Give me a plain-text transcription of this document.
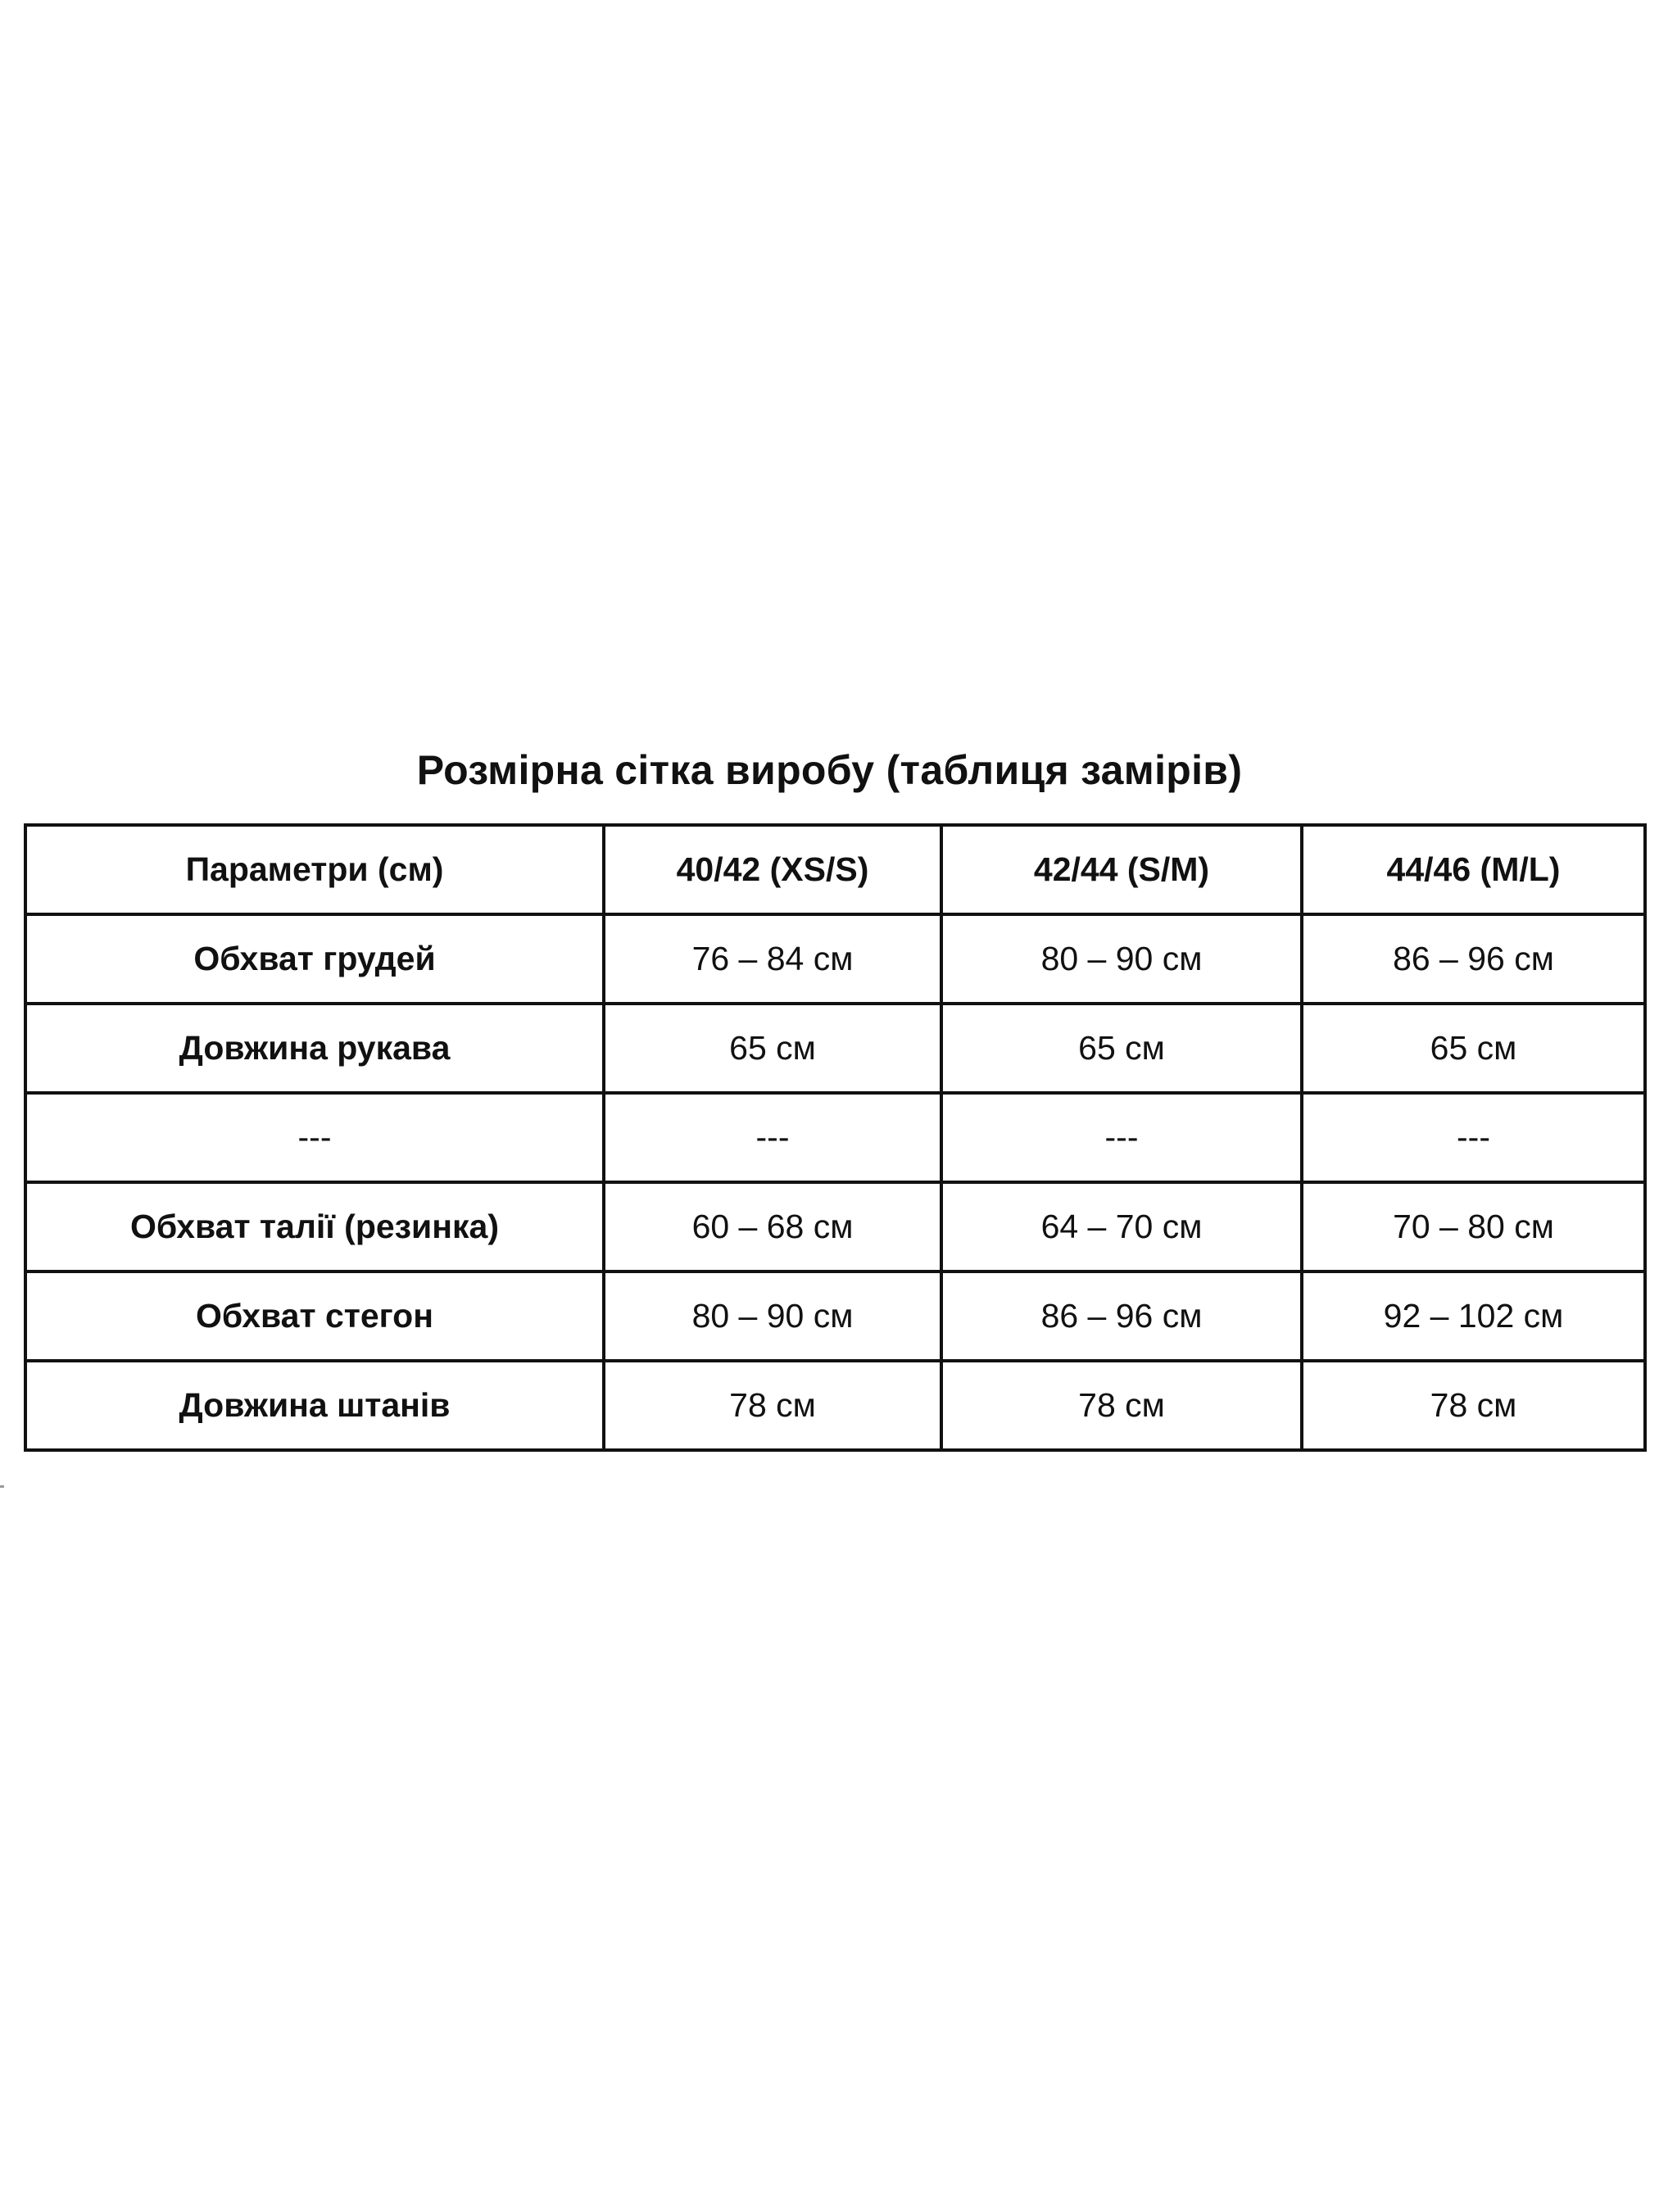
Розмірна сітка виробу (таблиця замірів)
Параметри (см)	40/42 (XS/S)	42/44 (S/M)	44/46 (M/L)
Обхват грудей	76 – 84 см	80 – 90 см	86 – 96 см
Довжина рукава	65 см	65 см	65 см
---	---	---	---
Обхват талії (резинка)	60 – 68 см	64 – 70 см	70 – 80 см
Обхват стегон	80 – 90 см	86 – 96 см	92 – 102 см
Довжина штанів	78 см	78 см	78 см
